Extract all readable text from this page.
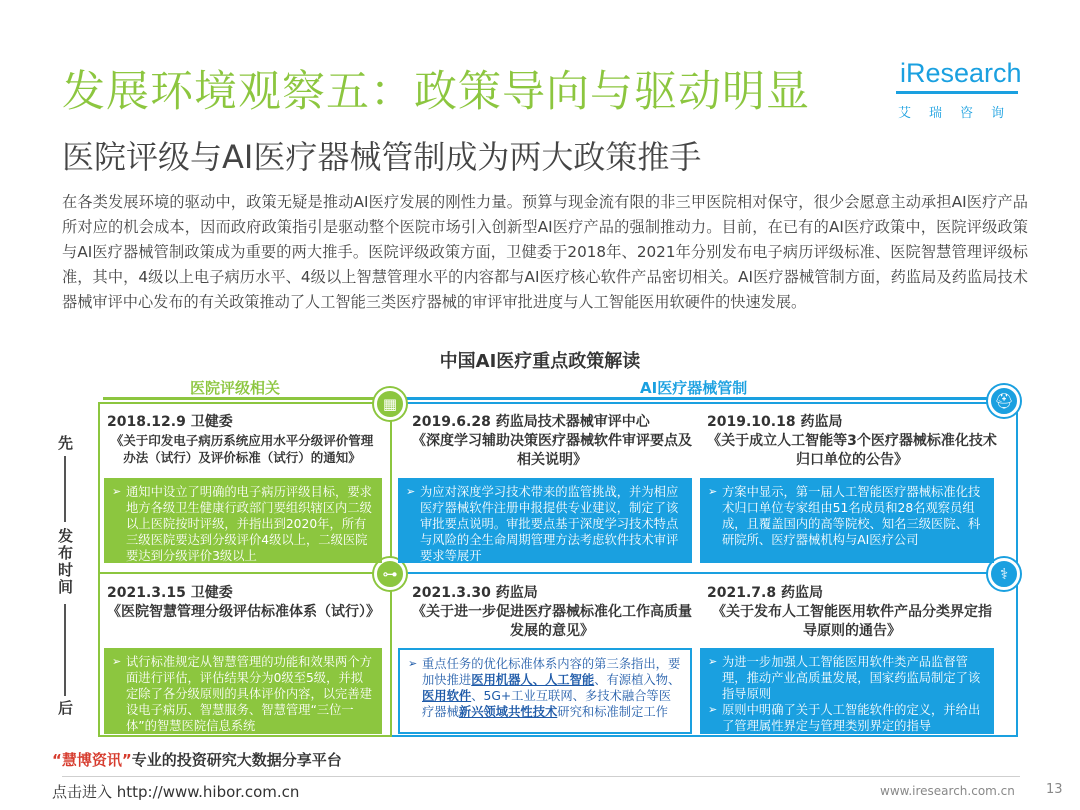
发展环境观察五：政策导向与驱动明显
医院评级与AI医疗器械管制成为两大政策推手
iResearch
艾瑞咨询
在各类发展环境的驱动中，政策无疑是推动AI医疗发展的刚性力量。预算与现金流有限的非三甲医院相对保守，很少会愿意主动承担AI医疗产品所对应的机会成本，因而政府政策指引是驱动整个医院市场引入创新型AI医疗产品的强制推动力。目前，在已有的AI医疗政策中，医院评级政策与AI医疗器械管制政策成为重要的两大推手。医院评级政策方面，卫健委于2018年、2021年分别发布电子病历评级标准、医院智慧管理评级标准，其中，4级以上电子病历水平、4级以上智慧管理水平的内容都与AI医疗核心软件产品密切相关。AI医疗器械管制方面，药监局及药监局技术器械审评中心发布的有关政策推动了人工智能三类医疗器械的审评审批进度与人工智能医用软硬件的快速发展。
中国AI医疗重点政策解读
医院评级相关	AI医疗器械管制
先
发
布
时
间
后
▦	⛑
⊶	⚕
2018.12.9 卫健委
《关于印发电子病历系统应用水平分级评价管理办法（试行）及评价标准（试行）的通知》
2019.6.28 药监局技术器械审评中心
《深度学习辅助决策医疗器械软件审评要点及相关说明》
2019.10.18 药监局
《关于成立人工智能等3个医疗器械标准化技术归口单位的公告》
➢ 通知中设立了明确的电子病历评级目标，要求地方各级卫生健康行政部门要组织辖区内二级以上医院按时评级，并指出到2020年，所有三级医院要达到分级评价4级以上，二级医院要达到分级评价3级以上
➢ 为应对深度学习技术带来的监管挑战，并为相应医疗器械软件注册申报提供专业建议，制定了该审批要点说明。审批要点基于深度学习技术特点与风险的全生命周期管理方法考虑软件技术审评要求等展开
➢ 方案中显示，第一届人工智能医疗器械标准化技术归口单位专家组由51名成员和28名观察员组成，且覆盖国内的高等院校、知名三级医院、科研院所、医疗器械机构与AI医疗公司
2021.3.15 卫健委
《医院智慧管理分级评估标准体系（试行）》
2021.3.30 药监局
《关于进一步促进医疗器械标准化工作高质量发展的意见》
2021.7.8 药监局
《关于发布人工智能医用软件产品分类界定指导原则的通告》
➢ 试行标准规定从智慧管理的功能和效果两个方面进行评估，评估结果分为0级至5级，并拟定除了各分级原则的具体评价内容，以完善建设电子病历、智慧服务、智慧管理“三位一体”的智慧医院信息系统
➢ 重点任务的优化标准体系内容的第三条指出，要加快推进医用机器人、人工智能、有源植入物、医用软件、5G+工业互联网、多技术融合等医疗器械新兴领域共性技术研究和标准制定工作
➢ 为进一步加强人工智能医用软件类产品监督管理，推动产业高质量发展，国家药监局制定了该指导原则
➢ 原则中明确了关于人工智能软件的定义，并给出了管理属性界定与管理类别界定的指导
“慧博资讯”专业的投资研究大数据分享平台
点击进入 http://www.hibor.com.cn	www.iresearch.com.cn 13
